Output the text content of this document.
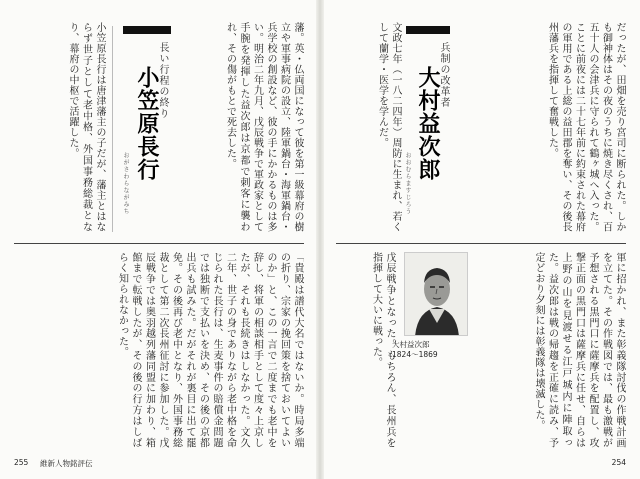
藩。英・仏両国になって彼を第一級幕府の樹立や軍事病院の設立、陸軍鍋台・海軍鍋台・兵学校の創設など、彼の手にかかるものは多い。明治二年九月、戊辰戦争で軍政家として手腕を発揮した益次郎は京都で刺客に襲われ、その傷がもとで死去した。
長い行程の終り
小笠原長行
おがさわらながみち
小笠原長行は唐津藩主の子だが、藩主とはならず世子として老中格、外国事務総裁となり、幕府の中枢で活躍した。
「貴殿は譜代大名ではないか。時局多端の折り、宗家の挽回策を捨ておいてよいのか」と、この一言で二度までも老中を辞し、将軍の相談相手として度々上京したが、それも長続きはしなかった。文久二年、世子の身でありながら老中格を命じられた長行は、生麦事件の賠償金問題では独断で支払いを決め、その後の京都出兵も試みた。だがそれが裏目に出て罷免。その後再び老中となり、外国事務総裁として第二次長州征討に参加した。戊辰戦争では奥羽越列藩同盟に加わり、箱館まで転戦したが、その後の行方はしばらく知られなかった。
255 維新人物銘評伝
だったが、田畑を売り宮司に断られた。しかも御神体はその夜のうちに焼き尽くされ、百五十人の会津兵に守られて鶴ヶ城へ入った。ことに前夜には二十七年前に約束された幕府の軍用である上総の益田郡を奪い、その後長州藩兵を指揮して奮戦した。
兵制の改革者
大村益次郎
おおむらますじろう
文政七年（一八二四年）周防に生まれ、若くして蘭学・医学を学んだ。
軍に招かれ、また彰義隊討伐の作戦計画を立てた。その作戦図では、最も激戦が予想される黒門口に薩摩兵を配置し、攻撃正面の黒門口は薩摩兵に任せ、自らは上野の山を見渡せる江戸城内に陣取った。益次郎は戦の帰趨を正確に読み、予定どおり夕刻には彰義隊は壊滅した。
大村益次郎
1824〜1869
戊辰戦争となった。もちろん、長州兵を指揮して大いに戦った。
254
